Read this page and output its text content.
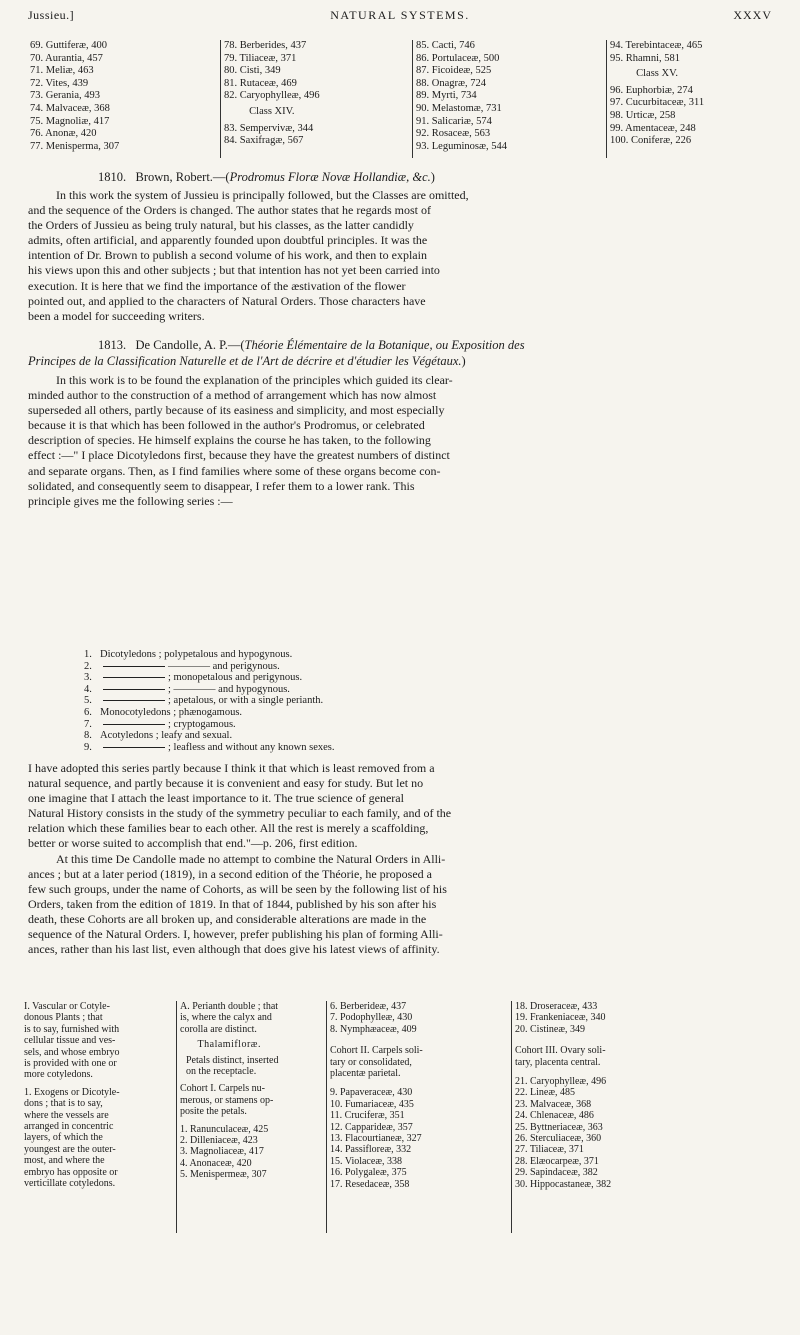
Jussieu.]	NATURAL SYSTEMS.	XXXV
69. Guttiferæ, 400
70. Aurantia, 457
71. Meliæ, 463
72. Vites, 439
73. Gerania, 493
74. Malvaceæ, 368
75. Magnoliæ, 417
76. Anonæ, 420
77. Menisperma, 307
78. Berberides, 437
79. Tiliaceæ, 371
80. Cisti, 349
81. Rutaceæ, 469
82. Caryophylleæ, 496
Class XIV.
83. Sempervivæ, 344
84. Saxifragæ, 567
85. Cacti, 746
86. Portulaceæ, 500
87. Ficoideæ, 525
88. Onagræ, 724
89. Myrti, 734
90. Melastomæ, 731
91. Salicariæ, 574
92. Rosaceæ, 563
93. Leguminosæ, 544
94. Terebintaceæ, 465
95. Rhamni, 581
Class XV.
96. Euphorbiæ, 274
97. Cucurbitaceæ, 311
98. Urticæ, 258
99. Amentaceæ, 248
100. Coniferæ, 226
1810. Brown, Robert.—(Prodromus Floræ Novæ Hollandiæ, &c.)
In this work the system of Jussieu is principally followed, but the Classes are omitted,
and the sequence of the Orders is changed. The author states that he regards most of
the Orders of Jussieu as being truly natural, but his classes, as the latter candidly
admits, often artificial, and apparently founded upon doubtful principles. It was the
intention of Dr. Brown to publish a second volume of his work, and then to explain
his views upon this and other subjects ; but that intention has not yet been carried into
execution. It is here that we find the importance of the æstivation of the flower
pointed out, and applied to the characters of Natural Orders. Those characters have
been a model for succeeding writers.
1813. De Candolle, A. P.—(Théorie Élémentaire de la Botanique, ou Exposition des
Principes de la Classification Naturelle et de l'Art de décrire et d'étudier les Végétaux.)
In this work is to be found the explanation of the principles which guided its clear-
minded author to the construction of a method of arrangement which has now almost
superseded all others, partly because of its easiness and simplicity, and most especially
because it is that which has been followed in the author's Prodromus, or celebrated
description of species. He himself explains the course he has taken, to the following
effect :—" I place Dicotyledons first, because they have the greatest numbers of distinct
and separate organs. Then, as I find families where some of these organs become con-
solidated, and consequently seem to disappear, I refer them to a lower rank. This
principle gives me the following series :—
1. Dicotyledons ; polypetalous and hypogynous.
2.	———— and perigynous.
3.	; monopetalous and perigynous.
4.	; ———— and hypogynous.
5.	; apetalous, or with a single perianth.
6. Monocotyledons ; phænogamous.
7.	; cryptogamous.
8. Acotyledons ; leafy and sexual.
9.	; leafless and without any known sexes.
I have adopted this series partly because I think it that which is least removed from a
natural sequence, and partly because it is convenient and easy for study. But let no
one imagine that I attach the least importance to it. The true science of general
Natural History consists in the study of the symmetry peculiar to each family, and of the
relation which these families bear to each other. All the rest is merely a scaffolding,
better or worse suited to accomplish that end."—p. 206, first edition.
At this time De Candolle made no attempt to combine the Natural Orders in Alli-
ances ; but at a later period (1819), in a second edition of the Théorie, he proposed a
few such groups, under the name of Cohorts, as will be seen by the following list of his
Orders, taken from the edition of 1819. In that of 1844, published by his son after his
death, these Cohorts are all broken up, and considerable alterations are made in the
sequence of the Natural Orders. I, however, prefer publishing his plan of forming Alli-
ances, rather than his last list, even although that does give his latest views of affinity.
I. Vascular or Cotyle-
donous Plants ; that
is to say, furnished with
cellular tissue and ves-
sels, and whose embryo
is provided with one or
more cotyledons.
1. Exogens or Dicotyle-
dons ; that is to say,
where the vessels are
arranged in concentric
layers, of which the
youngest are the outer-
most, and where the
embryo has opposite or
verticillate cotyledons.
A. Perianth double ; that
is, where the calyx and
corolla are distinct.
Thalamifloræ.
Petals distinct, inserted
on the receptacle.
Cohort I. Carpels nu-
merous, or stamens op-
posite the petals.
1. Ranunculaceæ, 425
2. Dilleniaceæ, 423
3. Magnoliaceæ, 417
4. Anonaceæ, 420
5. Menispermeæ, 307
6. Berberideæ, 437
7. Podophylleæ, 430
8. Nymphæaceæ, 409
Cohort II. Carpels soli-
tary or consolidated,
placentæ parietal.
9. Papaveraceæ, 430
10. Fumariaceæ, 435
11. Cruciferæ, 351
12. Capparideæ, 357
13. Flacourtianeæ, 327
14. Passifloreæ, 332
15. Violaceæ, 338
16. Polygaleæ, 375
17. Resedaceæ, 358
18. Droseraceæ, 433
19. Frankeniaceæ, 340
20. Cistineæ, 349
Cohort III. Ovary soli-
tary, placenta central.
21. Caryophylleæ, 496
22. Lineæ, 485
23. Malvaceæ, 368
24. Chlenaceæ, 486
25. Byttneriaceæ, 363
26. Sterculiaceæ, 360
27. Tiliaceæ, 371
28. Elæocarpeæ, 371
29. Sapindaceæ, 382
30. Hippocastaneæ, 382
